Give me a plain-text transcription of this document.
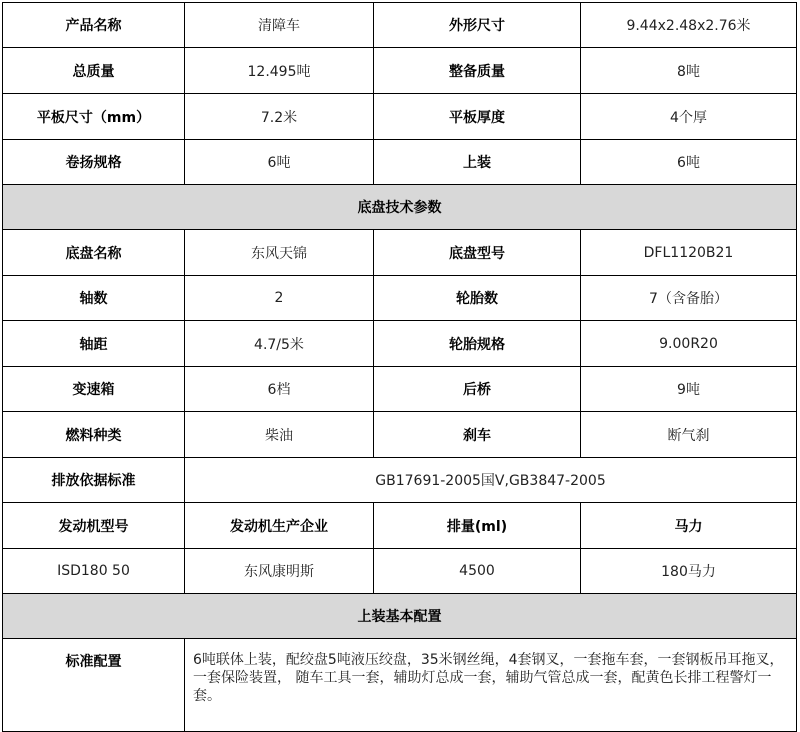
产品名称	清障车	外形尺寸	9.44x2.48x2.76米
总质量	12.495吨	整备质量	8吨
平板尺寸（mm）	7.2米	平板厚度	4个厚
卷扬规格	6吨	上装	6吨
底盘技术参数			
底盘名称	东风天锦	底盘型号	DFL1120B21
轴数	2	轮胎数	7（含备胎）
轴距	4.7/5米	轮胎规格	9.00R20
变速箱	6档	后桥	9吨
燃料种类	柴油	刹车	断气刹
排放依据标准	GB17691-2005国Ⅴ,GB3847-2005		
发动机型号	发动机生产企业	排量(ml)	马力
ISD180 50	东风康明斯	4500	180马力
上装基本配置			
标准配置	6吨联体上装，配绞盘5吨液压绞盘，35米钢丝绳，4套钢叉，一套拖车套，一套钢板吊耳拖叉，一套保险装置， 随车工具一套，辅助灯总成一套，辅助气管总成一套，配黄色长排工程警灯一套。		
